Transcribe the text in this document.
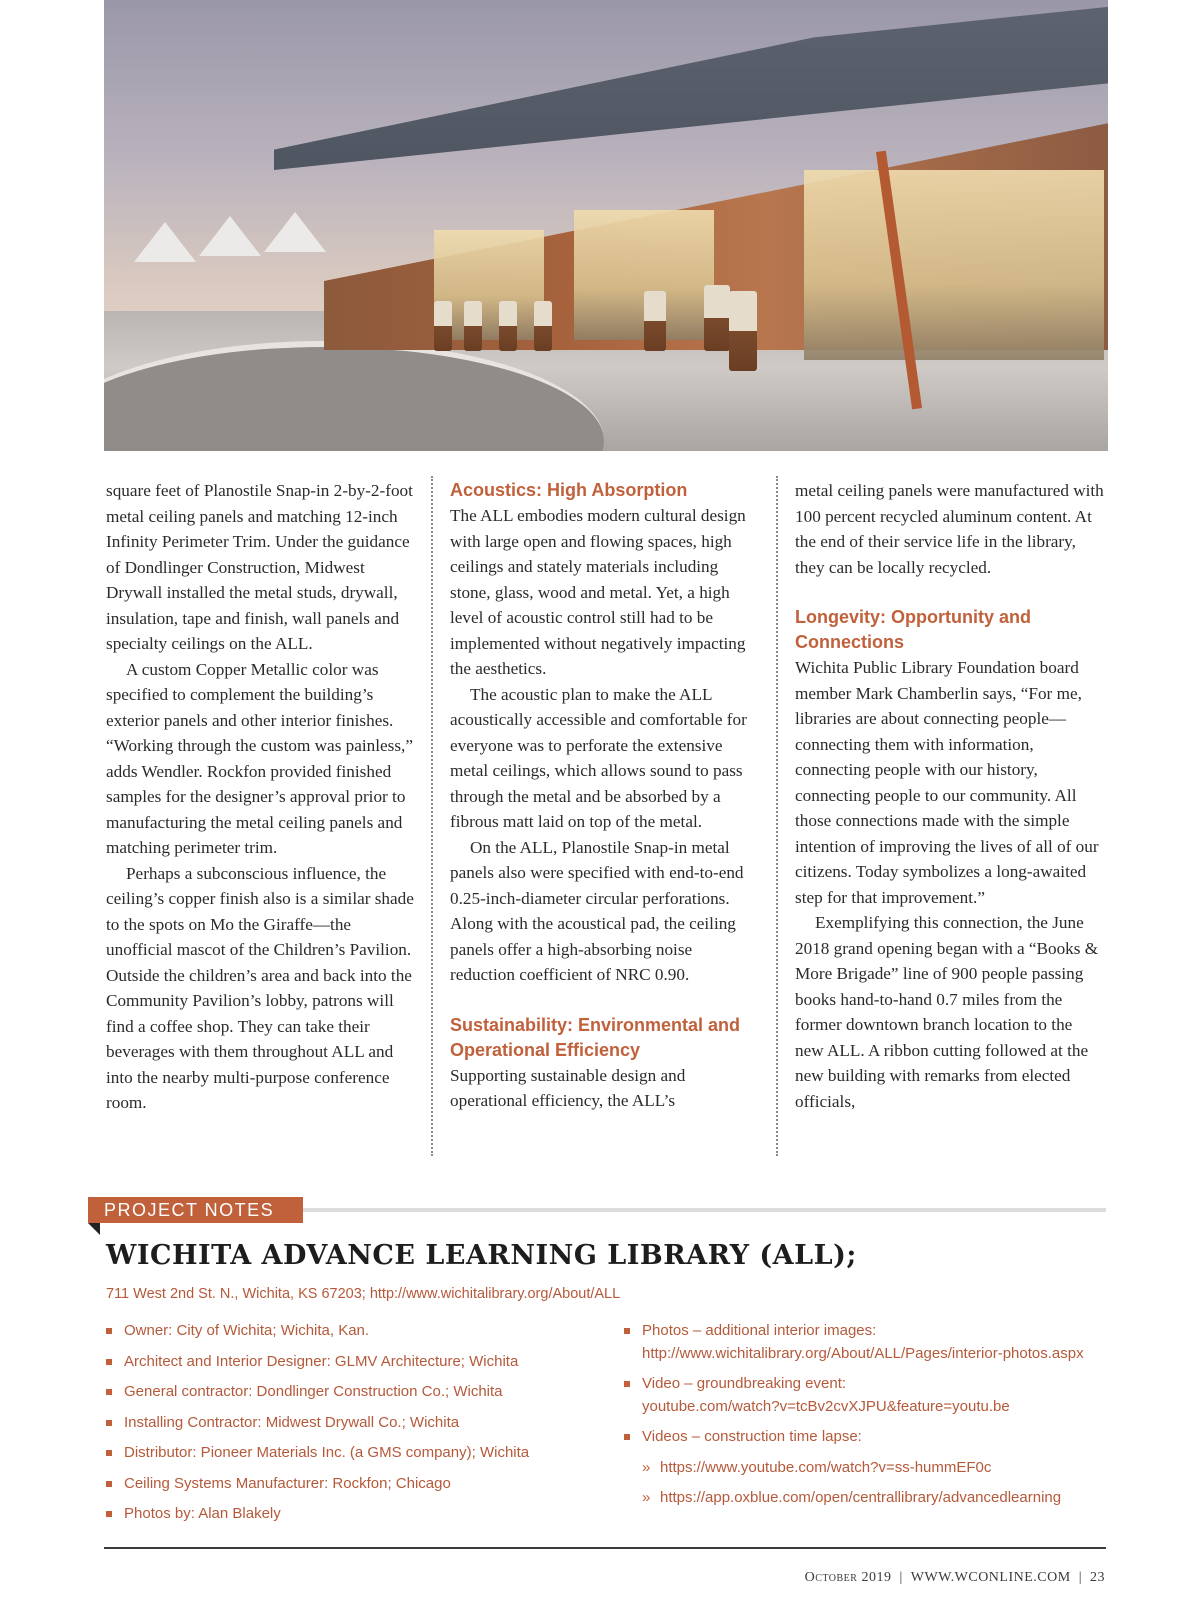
square feet of Planostile Snap-in 2-by-2-foot metal ceiling panels and matching 12-inch Infinity Perimeter Trim. Under the guidance of Dondlinger Construction, Midwest Drywall installed the metal studs, drywall, insulation, tape and finish, wall panels and specialty ceilings on the ALL.

A custom Copper Metallic color was specified to complement the building’s exterior panels and other interior finishes. “Working through the custom was painless,” adds Wendler. Rockfon provided finished samples for the designer’s approval prior to manufacturing the metal ceiling panels and matching perimeter trim.

Perhaps a subconscious influence, the ceiling’s copper finish also is a similar shade to the spots on Mo the Giraffe—the unofficial mascot of the Children’s Pavilion. Outside the children’s area and back into the Community Pavilion’s lobby, patrons will find a coffee shop. They can take their beverages with them throughout ALL and into the nearby multi-purpose conference room.

Acoustics: High Absorption

The ALL embodies modern cultural design with large open and flowing spaces, high ceilings and stately materials including stone, glass, wood and metal. Yet, a high level of acoustic control still had to be implemented without negatively impacting the aesthetics.

The acoustic plan to make the ALL acoustically accessible and comfortable for everyone was to perforate the extensive metal ceilings, which allows sound to pass through the metal and be absorbed by a fibrous matt laid on top of the metal.

On the ALL, Planostile Snap-in metal panels also were specified with end-to-end 0.25-inch-diameter circular perforations. Along with the acoustical pad, the ceiling panels offer a high-absorbing noise reduction coefficient of NRC 0.90.

Sustainability: Environmental and Operational Efficiency

Supporting sustainable design and operational efficiency, the ALL’s

metal ceiling panels were manufactured with 100 percent recycled aluminum content. At the end of their service life in the library, they can be locally recycled.

Longevity: Opportunity and Connections

Wichita Public Library Foundation board member Mark Chamberlin says, “For me, libraries are about connecting people—connecting them with information, connecting people with our history, connecting people to our community. All those connections made with the simple intention of improving the lives of all of our citizens. Today symbolizes a long-awaited step for that improvement.”

Exemplifying this connection, the June 2018 grand opening began with a “Books & More Brigade” line of 900 people passing books hand-to-hand 0.7 miles from the former downtown branch location to the new ALL. A ribbon cutting followed at the new building with remarks from elected officials,

PROJECT NOTES
WICHITA ADVANCE LEARNING LIBRARY (ALL);
711 West 2nd St. N., Wichita, KS 67203; http://www.wichitalibrary.org/About/ALL
Owner: City of Wichita; Wichita, Kan.
Architect and Interior Designer: GLMV Architecture; Wichita
General contractor: Dondlinger Construction Co.; Wichita
Installing Contractor: Midwest Drywall Co.; Wichita
Distributor: Pioneer Materials Inc. (a GMS company); Wichita
Ceiling Systems Manufacturer: Rockfon; Chicago
Photos by: Alan Blakely
Photos – additional interior images:
http://www.wichitalibrary.org/About/ALL/Pages/interior-photos.aspx
Video – groundbreaking event:
youtube.com/watch?v=tcBv2cvXJPU&feature=youtu.be
Videos – construction time lapse:
» https://www.youtube.com/watch?v=ss-hummEF0c
» https://app.oxblue.com/open/centrallibrary/advancedlearning
October 2019 | WWW.WCONLINE.COM | 23
